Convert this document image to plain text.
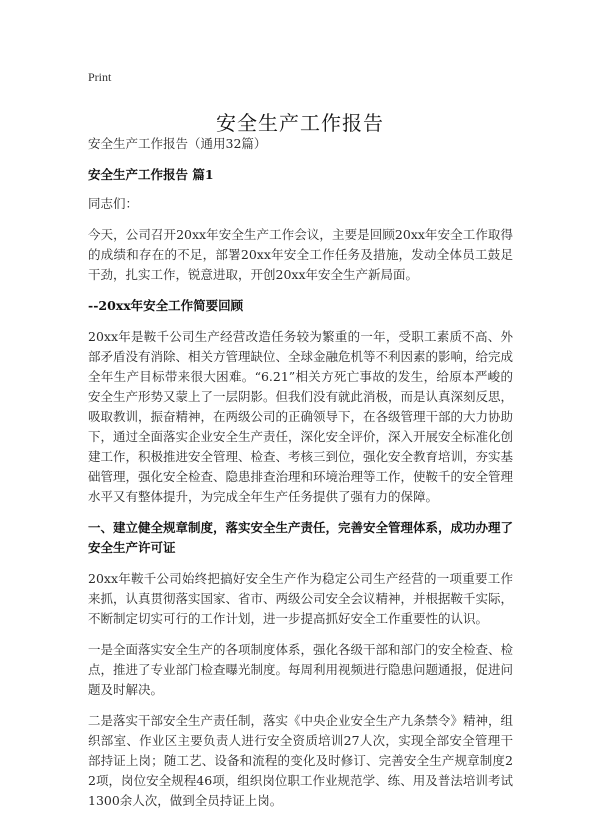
Print
安全生产工作报告

安全生产工作报告（通用32篇）

安全生产工作报告 篇1

同志们：

今天，公司召开20xx年安全生产工作会议，主要是回顾20xx年安全工作取得的成绩和存在的不足，部署20xx年安全工作任务及措施，发动全体员工鼓足干劲，扎实工作，锐意进取，开创20xx年安全生产新局面。

--20xx年安全工作简要回顾

20xx年是鞍千公司生产经营改造任务较为繁重的一年，受职工素质不高、外部矛盾没有消除、相关方管理缺位、全球金融危机等不利因素的影响，给完成全年生产目标带来很大困难。“6.21”相关方死亡事故的发生，给原本严峻的安全生产形势又蒙上了一层阴影。但我们没有就此消极，而是认真深刻反思，吸取教训，振奋精神，在两级公司的正确领导下，在各级管理干部的大力协助下，通过全面落实企业安全生产责任，深化安全评价，深入开展安全标准化创建工作，积极推进安全管理、检查、考核三到位，强化安全教育培训，夯实基础管理，强化安全检查、隐患排查治理和环境治理等工作，使鞍千的安全管理水平又有整体提升，为完成全年生产任务提供了强有力的保障。

一、建立健全规章制度，落实安全生产责任，完善安全管理体系，成功办理了安全生产许可证

20xx年鞍千公司始终把搞好安全生产作为稳定公司生产经营的一项重要工作来抓，认真贯彻落实国家、省市、两级公司安全会议精神，并根据鞍千实际，不断制定切实可行的工作计划，进一步提高抓好安全工作重要性的认识。

一是全面落实安全生产的各项制度体系，强化各级干部和部门的安全检查、检点，推进了专业部门检查曝光制度。每周利用视频进行隐患问题通报，促进问题及时解决。

二是落实干部安全生产责任制，落实《中央企业安全生产九条禁令》精神，组织部室、作业区主要负责人进行安全资质培训27人次，实现全部安全管理干部持证上岗；随工艺、设备和流程的变化及时修订、完善安全生产规章制度22项，岗位安全规程46项，组织岗位职工作业规范学、练、用及普法培训考试1300余人次，做到全员持证上岗。
